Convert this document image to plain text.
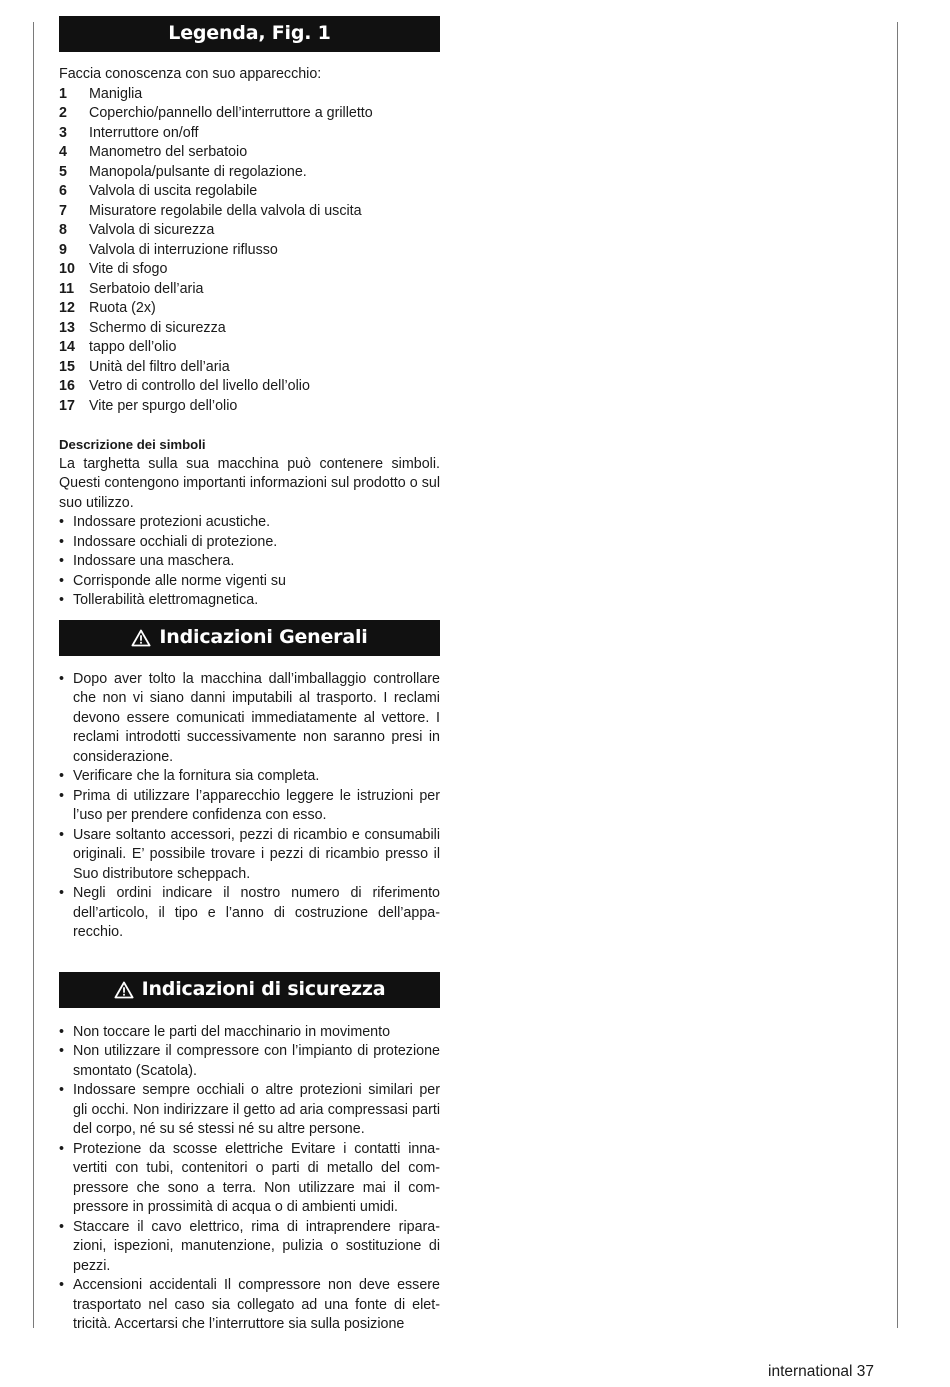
Legenda, Fig. 1

Faccia conoscenza con suo apparecchio:

1	Maniglia
2	Coperchio/pannello dell’interruttore a grilletto
3	Interruttore on/off
4	Manometro del serbatoio
5	Manopola/pulsante di regolazione.
6	Valvola di uscita regolabile
7	Misuratore regolabile della valvola di uscita
8	Valvola di sicurezza
9	Valvola di interruzione riflusso
10 Vite di sfogo
11	Serbatoio dell’aria
12 Ruota (2x)
13 Schermo di sicurezza
14 tappo dell’olio
15 Unità del filtro dell’aria
16 Vetro di controllo del livello dell’olio
17 Vite per spurgo dell’olio

Descrizione dei simboli

La targhetta sulla sua macchina può contenere simboli. Questi contengono importanti informazioni sul prodotto o sul suo utilizzo.

• Indossare protezioni acustiche.
• Indossare occhiali di protezione.
• Indossare una maschera.
• Corrisponde alle norme vigenti su
• Tollerabilità elettromagnetica.
Indicazioni Generali
• Dopo aver tolto la macchina dall’imballaggio controllare che non vi siano danni imputabili al trasporto. I reclami devono essere comunicati immediatamente al vettore. I reclami introdotti successivamente non saranno presi in considerazione.
• Verificare che la fornitura sia completa.
• Prima di utilizzare l’apparecchio leggere le istruzioni per l’uso per prendere confidenza con esso.
• Usare soltanto accessori, pezzi di ricambio e consumabili originali. E’ possibile trovare i pezzi di ricambio presso il Suo distributore scheppach.
• Negli ordini indicare il nostro numero di riferimento dell’articolo, il tipo e l’anno di costruzione dell’apparecchio.
Indicazioni di sicurezza
• Non toccare le parti del macchinario in movimento
• Non utilizzare il compressore con l’impianto di protezione smontato (Scatola).
• Indossare sempre occhiali o altre protezioni similari per gli occhi. Non indirizzare il getto ad aria compressasi parti del corpo, né su sé stessi né su altre persone.
• Protezione da scosse elettriche Evitare i contatti innavertiti con tubi, contenitori o parti di metallo del compressore che sono a terra. Non utilizzare mai il compressore in prossimità di acqua o di ambienti umidi.
• Staccare il cavo elettrico, rima di intraprendere riparazioni, ispezioni, manutenzione, pulizia o sostituzione di pezzi.
• Accensioni accidentali Il compressore non deve essere trasportato nel caso sia collegato ad una fonte di elettricità. Accertarsi che l’interruttore sia sulla posizione
international 37
